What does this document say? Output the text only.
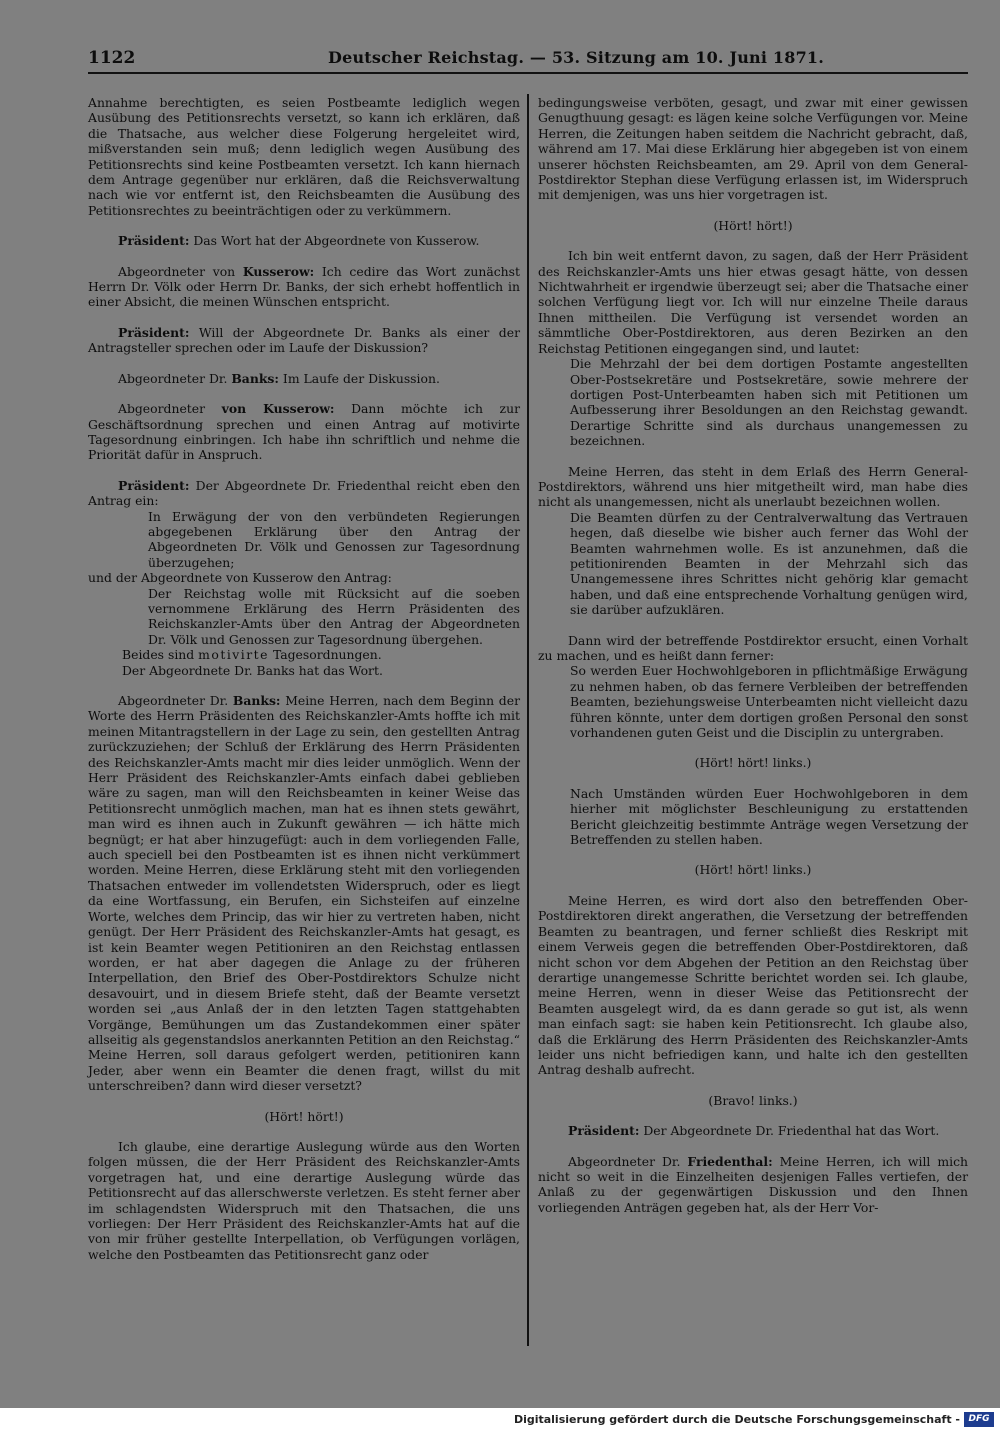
1122	Deutscher Reichstag. — 53. Sitzung am 10. Juni 1871.

Annahme berechtigten, es seien Postbeamte lediglich wegen Ausübung des Petitionsrechts versetzt, so kann ich erklären, daß die Thatsache, aus welcher diese Folgerung hergeleitet wird, mißverstanden sein muß; denn lediglich wegen Ausübung des Petitionsrechts sind keine Postbeamten versetzt. Ich kann hiernach dem Antrage gegenüber nur erklären, daß die Reichsverwaltung nach wie vor entfernt ist, den Reichsbeamten die Ausübung des Petitionsrechtes zu beeinträchtigen oder zu verkümmern.

Präsident: Das Wort hat der Abgeordnete von Kusserow.

Abgeordneter von Kusserow: Ich cedire das Wort zunächst Herrn Dr. Völk oder Herrn Dr. Banks, der sich erhebt hoffentlich in einer Absicht, die meinen Wünschen entspricht.

Präsident: Will der Abgeordnete Dr. Banks als einer der Antragsteller sprechen oder im Laufe der Diskussion?

Abgeordneter Dr. Banks: Im Laufe der Diskussion.

Abgeordneter von Kusserow: Dann möchte ich zur Geschäftsordnung sprechen und einen Antrag auf motivirte Tagesordnung einbringen. Ich habe ihn schriftlich und nehme die Priorität dafür in Anspruch.

Präsident: Der Abgeordnete Dr. Friedenthal reicht eben den Antrag ein:

In Erwägung der von den verbündeten Regierungen abgegebenen Erklärung über den Antrag der Abgeordneten Dr. Völk und Genossen zur Tagesordnung überzugehen;

und der Abgeordnete von Kusserow den Antrag:

Der Reichstag wolle mit Rücksicht auf die soeben vernommene Erklärung des Herrn Präsidenten des Reichskanzler-Amts über den Antrag der Abgeordneten Dr. Völk und Genossen zur Tagesordnung übergehen.

Beides sind motivirte Tagesordnungen.

Der Abgeordnete Dr. Banks hat das Wort.

Abgeordneter Dr. Banks: Meine Herren, nach dem Beginn der Worte des Herrn Präsidenten des Reichskanzler-Amts hoffte ich mit meinen Mitantragstellern in der Lage zu sein, den gestellten Antrag zurückzuziehen; der Schluß der Erklärung des Herrn Präsidenten des Reichskanzler-Amts macht mir dies leider unmöglich. Wenn der Herr Präsident des Reichskanzler-Amts einfach dabei geblieben wäre zu sagen, man will den Reichsbeamten in keiner Weise das Petitionsrecht unmöglich machen, man hat es ihnen stets gewährt, man wird es ihnen auch in Zukunft gewähren — ich hätte mich begnügt; er hat aber hinzugefügt: auch in dem vorliegenden Falle, auch speciell bei den Postbeamten ist es ihnen nicht verkümmert worden. Meine Herren, diese Erklärung steht mit den vorliegenden Thatsachen entweder im vollendetsten Widerspruch, oder es liegt da eine Wortfassung, ein Berufen, ein Sichsteifen auf einzelne Worte, welches dem Princip, das wir hier zu vertreten haben, nicht genügt. Der Herr Präsident des Reichskanzler-Amts hat gesagt, es ist kein Beamter wegen Petitioniren an den Reichstag entlassen worden, er hat aber dagegen die Anlage zu der früheren Interpellation, den Brief des Ober-Postdirektors Schulze nicht desavouirt, und in diesem Briefe steht, daß der Beamte versetzt worden sei „aus Anlaß der in den letzten Tagen stattgehabten Vorgänge, Bemühungen um das Zustandekommen einer später allseitig als gegenstandslos anerkannten Petition an den Reichstag.“ Meine Herren, soll daraus gefolgert werden, petitioniren kann Jeder, aber wenn ein Beamter die denen fragt, willst du mit unterschreiben? dann wird dieser versetzt?

(Hört! hört!)

Ich glaube, eine derartige Auslegung würde aus den Worten folgen müssen, die der Herr Präsident des Reichskanzler-Amts vorgetragen hat, und eine derartige Auslegung würde das Petitionsrecht auf das allerschwerste verletzen. Es steht ferner aber im schlagendsten Widerspruch mit den Thatsachen, die uns vorliegen: Der Herr Präsident des Reichskanzler-Amts hat auf die von mir früher gestellte Interpellation, ob Verfügungen vorlägen, welche den Postbeamten das Petitionsrecht ganz oder

bedingungsweise verböten, gesagt, und zwar mit einer gewissen Genugthuung gesagt: es lägen keine solche Verfügungen vor. Meine Herren, die Zeitungen haben seitdem die Nachricht gebracht, daß, während am 17. Mai diese Erklärung hier abgegeben ist von einem unserer höchsten Reichsbeamten, am 29. April von dem General-Postdirektor Stephan diese Verfügung erlassen ist, im Widerspruch mit demjenigen, was uns hier vorgetragen ist.

(Hört! hört!)

Ich bin weit entfernt davon, zu sagen, daß der Herr Präsident des Reichskanzler-Amts uns hier etwas gesagt hätte, von dessen Nichtwahrheit er irgendwie überzeugt sei; aber die Thatsache einer solchen Verfügung liegt vor. Ich will nur einzelne Theile daraus Ihnen mittheilen. Die Verfügung ist versendet worden an sämmtliche Ober-Postdirektoren, aus deren Bezirken an den Reichstag Petitionen eingegangen sind, und lautet:

Die Mehrzahl der bei dem dortigen Postamte angestellten Ober-Postsekretäre und Postsekretäre, sowie mehrere der dortigen Post-Unterbeamten haben sich mit Petitionen um Aufbesserung ihrer Besoldungen an den Reichstag gewandt. Derartige Schritte sind als durchaus unangemessen zu bezeichnen.

Meine Herren, das steht in dem Erlaß des Herrn General-Postdirektors, während uns hier mitgetheilt wird, man habe dies nicht als unangemessen, nicht als unerlaubt bezeichnen wollen.

Die Beamten dürfen zu der Centralverwaltung das Vertrauen hegen, daß dieselbe wie bisher auch ferner das Wohl der Beamten wahrnehmen wolle. Es ist anzunehmen, daß die petitionirenden Beamten in der Mehrzahl sich das Unangemessene ihres Schrittes nicht gehörig klar gemacht haben, und daß eine entsprechende Vorhaltung genügen wird, sie darüber aufzuklären.

Dann wird der betreffende Postdirektor ersucht, einen Vorhalt zu machen, und es heißt dann ferner:

So werden Euer Hochwohlgeboren in pflichtmäßige Erwägung zu nehmen haben, ob das fernere Verbleiben der betreffenden Beamten, beziehungsweise Unterbeamten nicht vielleicht dazu führen könnte, unter dem dortigen großen Personal den sonst vorhandenen guten Geist und die Disciplin zu untergraben.

(Hört! hört! links.)

Nach Umständen würden Euer Hochwohlgeboren in dem hierher mit möglichster Beschleunigung zu erstattenden Bericht gleichzeitig bestimmte Anträge wegen Versetzung der Betreffenden zu stellen haben.

(Hört! hört! links.)

Meine Herren, es wird dort also den betreffenden Ober-Postdirektoren direkt angerathen, die Versetzung der betreffenden Beamten zu beantragen, und ferner schließt dies Reskript mit einem Verweis gegen die betreffenden Ober-Postdirektoren, daß nicht schon vor dem Abgehen der Petition an den Reichstag über derartige unangemesse Schritte berichtet worden sei. Ich glaube, meine Herren, wenn in dieser Weise das Petitionsrecht der Beamten ausgelegt wird, da es dann gerade so gut ist, als wenn man einfach sagt: sie haben kein Petitionsrecht. Ich glaube also, daß die Erklärung des Herrn Präsidenten des Reichskanzler-Amts leider uns nicht befriedigen kann, und halte ich den gestellten Antrag deshalb aufrecht.

(Bravo! links.)

Präsident: Der Abgeordnete Dr. Friedenthal hat das Wort.

Abgeordneter Dr. Friedenthal: Meine Herren, ich will mich nicht so weit in die Einzelheiten desjenigen Falles vertiefen, der Anlaß zu der gegenwärtigen Diskussion und den Ihnen vorliegenden Anträgen gegeben hat, als der Herr Vor-

Digitalisierung gefördert durch die Deutsche Forschungsgemeinschaft - DFG
